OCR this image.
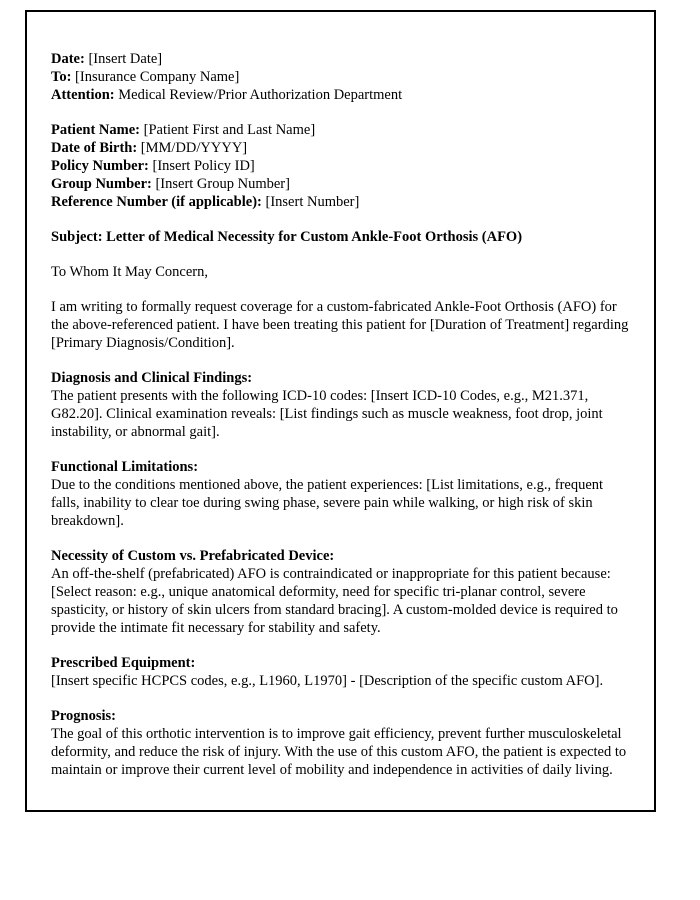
Date: [Insert Date]
To: [Insurance Company Name]
Attention: Medical Review/Prior Authorization Department
Patient Name: [Patient First and Last Name]
Date of Birth: [MM/DD/YYYY]
Policy Number: [Insert Policy ID]
Group Number: [Insert Group Number]
Reference Number (if applicable): [Insert Number]

Subject: Letter of Medical Necessity for Custom Ankle-Foot Orthosis (AFO)

To Whom It May Concern,

I am writing to formally request coverage for a custom-fabricated Ankle-Foot Orthosis (AFO) for the above-referenced patient. I have been treating this patient for [Duration of Treatment] regarding [Primary Diagnosis/Condition].

Diagnosis and Clinical Findings:
The patient presents with the following ICD-10 codes: [Insert ICD-10 Codes, e.g., M21.371, G82.20]. Clinical examination reveals: [List findings such as muscle weakness, foot drop, joint instability, or abnormal gait].
Functional Limitations:
Due to the conditions mentioned above, the patient experiences: [List limitations, e.g., frequent falls, inability to clear toe during swing phase, severe pain while walking, or high risk of skin breakdown].
Necessity of Custom vs. Prefabricated Device:
An off-the-shelf (prefabricated) AFO is contraindicated or inappropriate for this patient because: [Select reason: e.g., unique anatomical deformity, need for specific tri-planar control, severe spasticity, or history of skin ulcers from standard bracing]. A custom-molded device is required to provide the intimate fit necessary for stability and safety.
Prescribed Equipment:
[Insert specific HCPCS codes, e.g., L1960, L1970] - [Description of the specific custom AFO].
Prognosis:
The goal of this orthotic intervention is to improve gait efficiency, prevent further musculoskeletal deformity, and reduce the risk of injury. With the use of this custom AFO, the patient is expected to maintain or improve their current level of mobility and independence in activities of daily living.
